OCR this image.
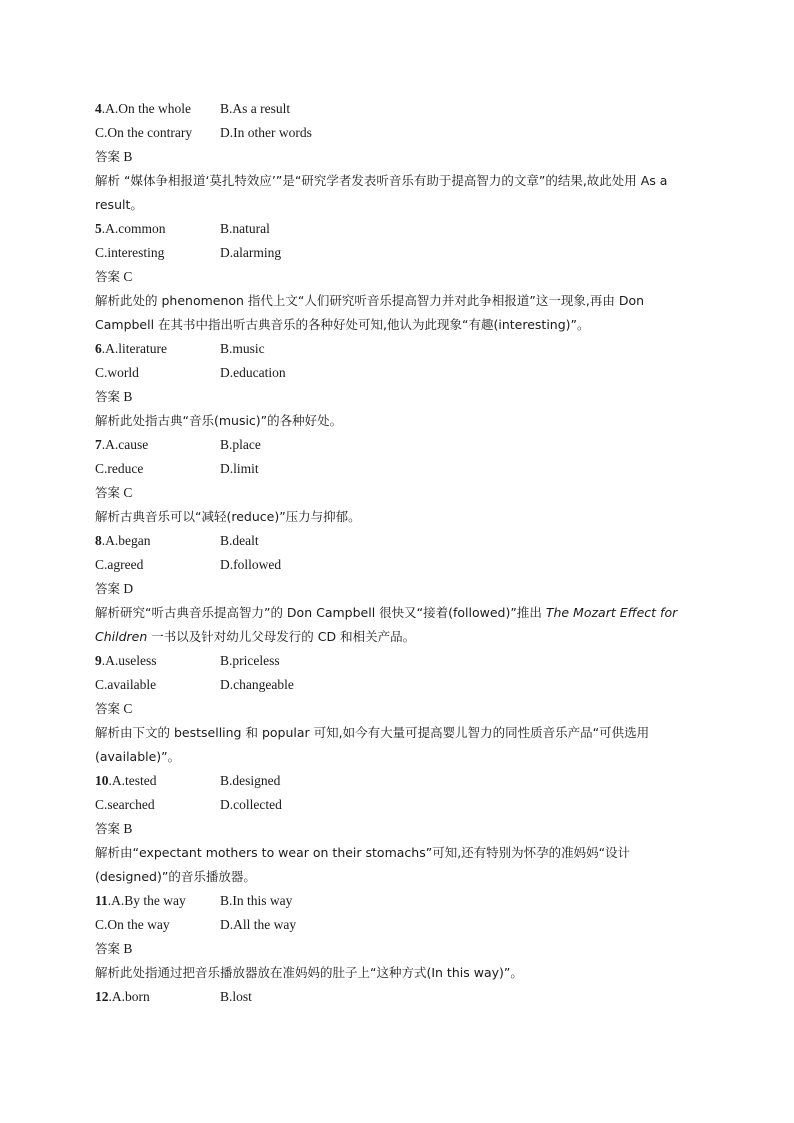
4.A.On the whole	B.As a result
C.On the contrary	D.In other words
答案 B
解析 “媒体争相报道‘莫扎特效应’”是“研究学者发表听音乐有助于提高智力的文章”的结果,故此处用 As a result。
5.A.common	B.natural
C.interesting	D.alarming
答案 C
解析此处的 phenomenon 指代上文“人们研究听音乐提高智力并对此争相报道”这一现象,再由 Don Campbell 在其书中指出听古典音乐的各种好处可知,他认为此现象“有趣(interesting)”。
6.A.literature	B.music
C.world	D.education
答案 B
解析此处指古典“音乐(music)”的各种好处。
7.A.cause	B.place
C.reduce	D.limit
答案 C
解析古典音乐可以“减轻(reduce)”压力与抑郁。
8.A.began	B.dealt
C.agreed	D.followed
答案 D
解析研究“听古典音乐提高智力”的 Don Campbell 很快又“接着(followed)”推出 The Mozart Effect for Children 一书以及针对幼儿父母发行的 CD 和相关产品。
9.A.useless	B.priceless
C.available	D.changeable
答案 C
解析由下文的 bestselling 和 popular 可知,如今有大量可提高婴儿智力的同性质音乐产品“可供选用(available)”。
10.A.tested	B.designed
C.searched	D.collected
答案 B
解析由“expectant mothers to wear on their stomachs”可知,还有特别为怀孕的准妈妈“设计(designed)”的音乐播放器。
11.A.By the way	B.In this way
C.On the way	D.All the way
答案 B
解析此处指通过把音乐播放器放在准妈妈的肚子上“这种方式(In this way)”。
12.A.born	B.lost
